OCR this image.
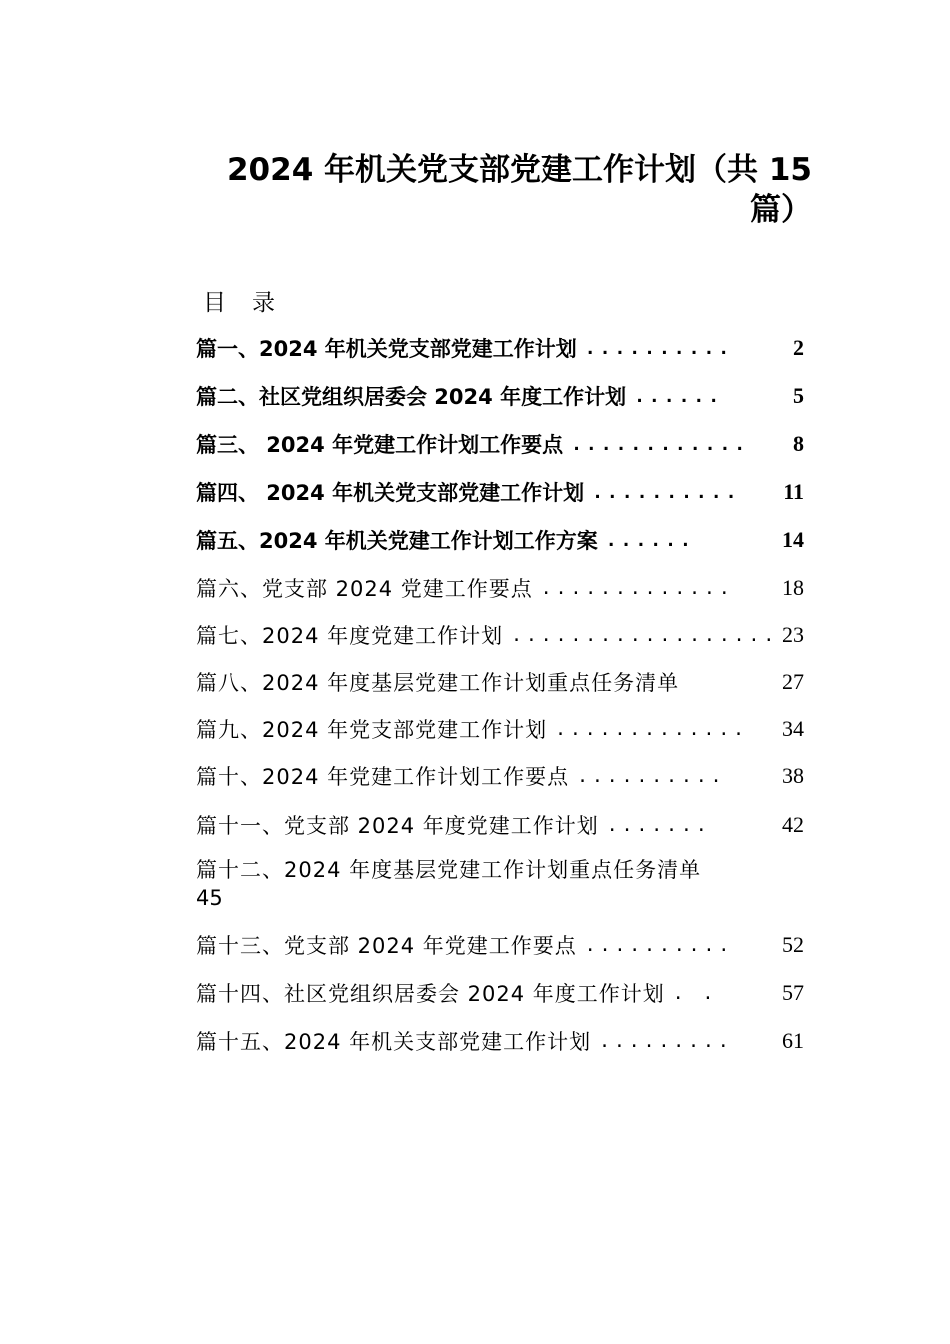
2024 年机关党支部党建工作计划（共 15
篇）
目录
篇一、2024 年机关党支部党建工作计划 ..........	2
篇二、社区党组织居委会 2024 年度工作计划 ......	5
篇三、 2024 年党建工作计划工作要点 ............	8
篇四、 2024 年机关党支部党建工作计划 ..........	11
篇五、2024 年机关党建工作计划工作方案 ......	14
篇六、党支部 2024 党建工作要点 .............	18
篇七、2024 年度党建工作计划 .................. 23
篇八、2024 年度基层党建工作计划重点任务清单	27
篇九、2024 年党支部党建工作计划 .............	34
篇十、2024 年党建工作计划工作要点 ..........	38
篇十一、党支部 2024 年度党建工作计划 .......	42
篇十二、2024 年度基层党建工作计划重点任务清单
45
篇十三、党支部 2024 年党建工作要点 ..........	52
篇十四、社区党组织居委会 2024 年度工作计划 . .	57
篇十五、2024 年机关支部党建工作计划 .........	61
